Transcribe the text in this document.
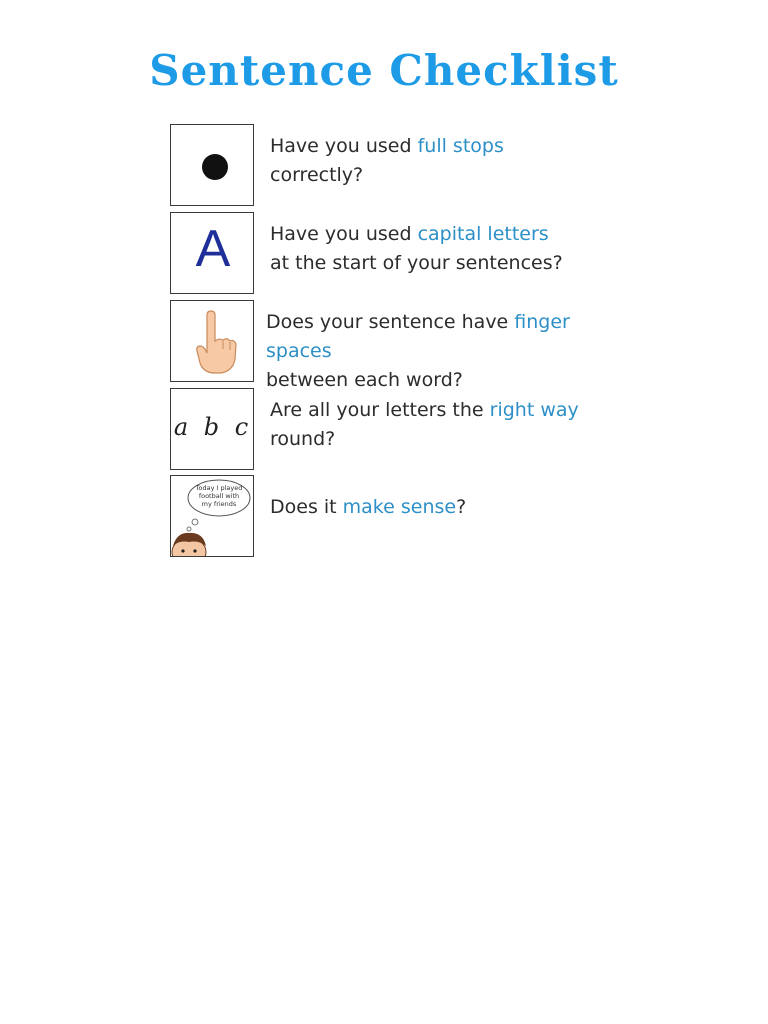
Sentence Checklist
Have you used full stops
correctly?
A	Have you used capital letters
at the start of your sentences?
Does your sentence have finger spaces
between each word?
a b c
Are all your letters the right way
round?
Today I played football with my friends	Does it make sense?
